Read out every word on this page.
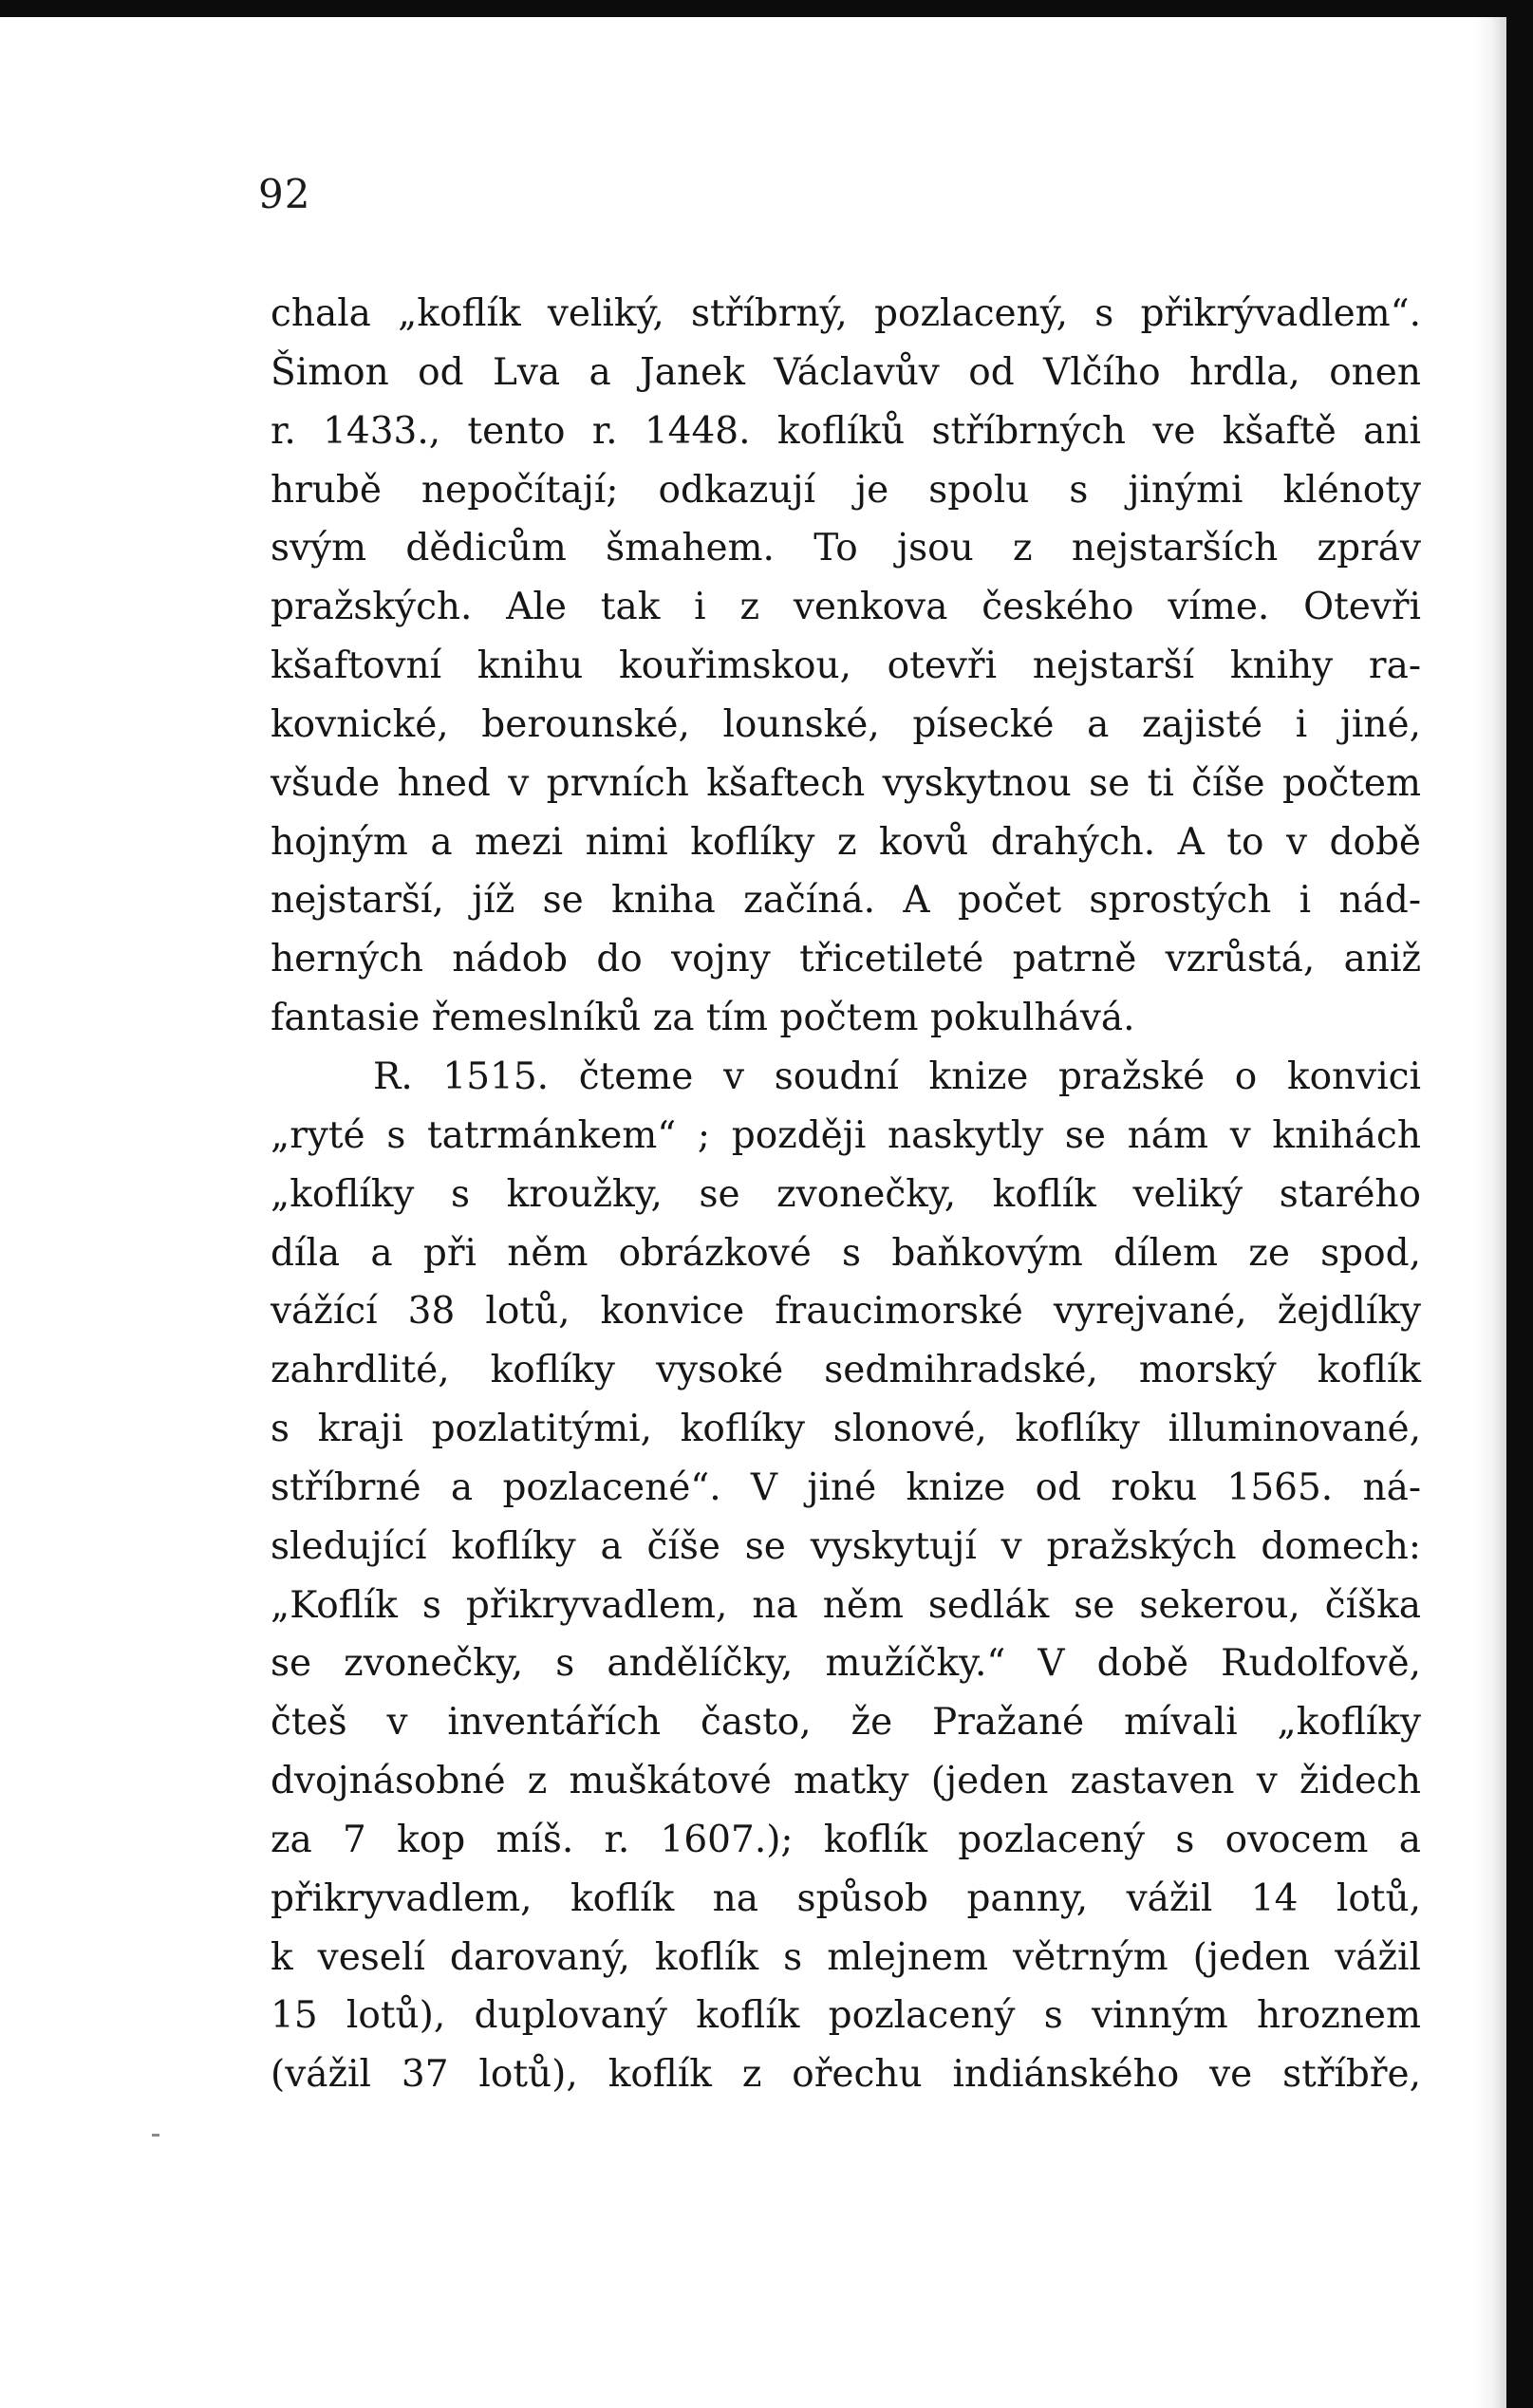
92
chala „koflík veliký, stříbrný, pozlacený, s přikrývadlem“.
Šimon od Lva a Janek Václavův od Vlčího hrdla, onen
r. 1433., tento r. 1448. koflíků stříbrných ve kšaftě ani
hrubě nepočítají; odkazují je spolu s jinými klénoty
svým dědicům šmahem. To jsou z nejstarších zpráv
pražských. Ale tak i z venkova českého víme. Otevři
kšaftovní knihu kouřimskou, otevři nejstarší knihy ra-
kovnické, berounské, lounské, písecké a zajisté i jiné,
všude hned v prvních kšaftech vyskytnou se ti číše počtem
hojným a mezi nimi koflíky z kovů drahých. A to v době
nejstarší, jíž se kniha začíná. A počet sprostých i nád-
herných nádob do vojny třicetileté patrně vzrůstá, aniž
fantasie řemeslníků za tím počtem pokulhává.
R. 1515. čteme v soudní knize pražské o konvici
„ryté s tatrmánkem“ ; později naskytly se nám v knihách
„koflíky s kroužky, se zvonečky, koflík veliký starého
díla a při něm obrázkové s baňkovým dílem ze spod,
vážící 38 lotů, konvice fraucimorské vyrejvané, žejdlíky
zahrdlité, koflíky vysoké sedmihradské, morský koflík
s kraji pozlatitými, koflíky slonové, koflíky illuminované,
stříbrné a pozlacené“. V jiné knize od roku 1565. ná-
sledující koflíky a číše se vyskytují v pražských domech:
„Koflík s přikryvadlem, na něm sedlák se sekerou, číška
se zvonečky, s andělíčky, mužíčky.“ V době Rudolfově,
čteš v inventářích často, že Pražané mívali „koflíky
dvojnásobné z muškátové matky (jeden zastaven v židech
za 7 kop míš. r. 1607.); koflík pozlacený s ovocem a
přikryvadlem, koflík na spůsob panny, vážil 14 lotů,
k veselí darovaný, koflík s mlejnem větrným (jeden vážil
15 lotů), duplovaný koflík pozlacený s vinným hroznem
(vážil 37 lotů), koflík z ořechu indiánského ve stříbře,
